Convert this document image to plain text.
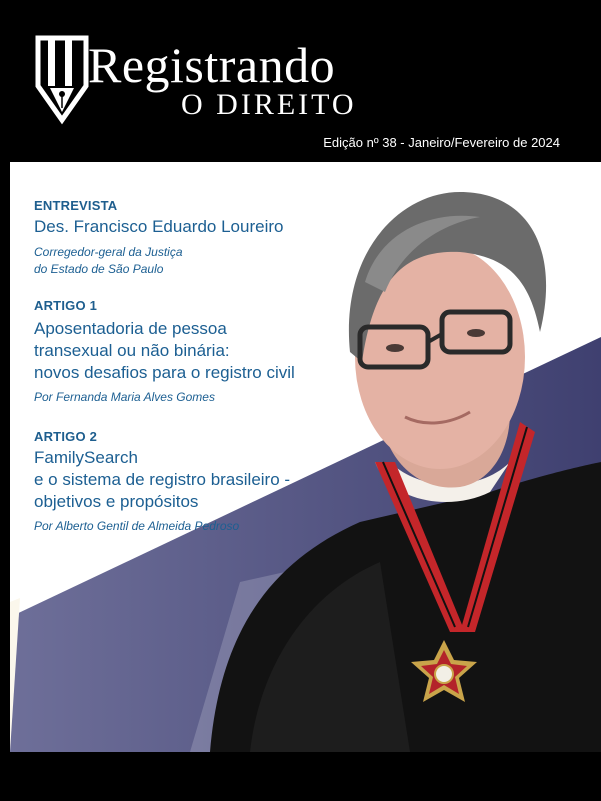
Registrando
O DIREITO
Edição nº 38 - Janeiro/Fevereiro de 2024
ENTREVISTA
Des. Francisco Eduardo Loureiro
Corregedor-geral da Justiça
do Estado de São Paulo
ARTIGO 1
Aposentadoria de pessoa
transexual ou não binária:
novos desafios para o registro civil
Por Fernanda Maria Alves Gomes
ARTIGO 2
FamilySearch
e o sistema de registro brasileiro -
objetivos e propósitos
Por Alberto Gentil de Almeida Pedroso
